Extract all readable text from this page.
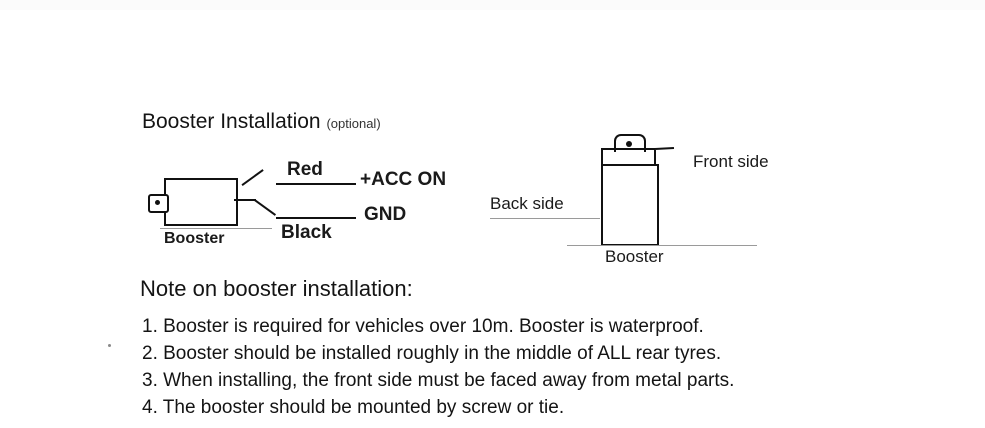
Booster Installation (optional)
Red
Black
+ACC ON
GND
Booster
Front side
Back side
Booster
Note on booster installation:
1. Booster is required for vehicles over 10m. Booster is waterproof.
2. Booster should be installed roughly in the middle of ALL rear tyres.
3. When installing, the front side must be faced away from metal parts.
4. The booster should be mounted by screw or tie.
